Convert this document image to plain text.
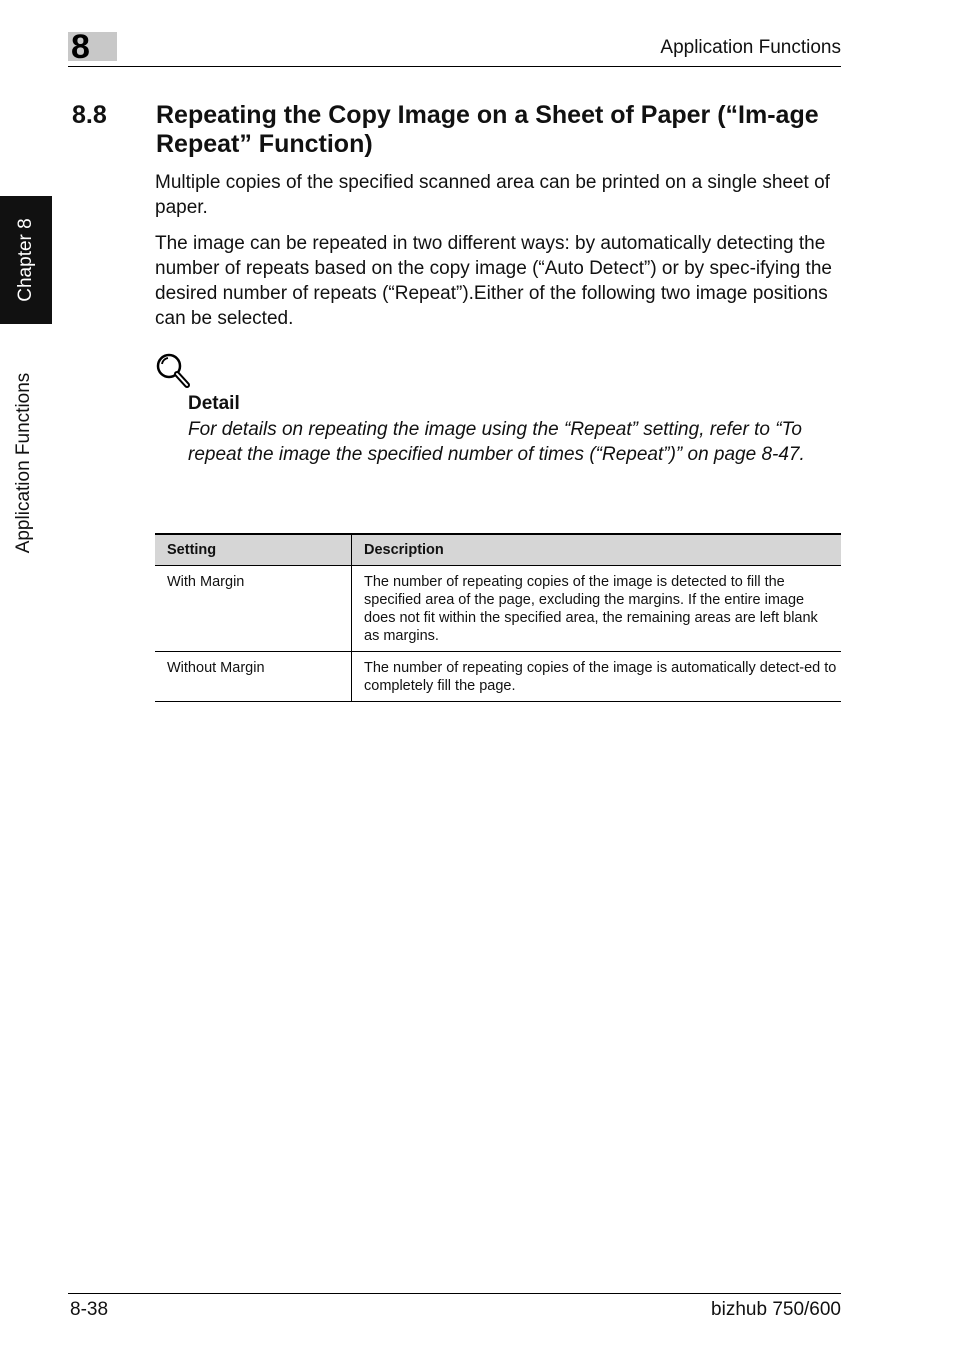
8	Application Functions
Chapter 8
Application Functions
8.8 Repeating the Copy Image on a Sheet of Paper (“Im-age Repeat” Function)
Multiple copies of the specified scanned area can be printed on a single sheet of paper.
The image can be repeated in two different ways: by automatically detecting the number of repeats based on the copy image (“Auto Detect”) or by spec-ifying the desired number of repeats (“Repeat”).Either of the following two image positions can be selected.
Detail
For details on repeating the image using the “Repeat” setting, refer to “To repeat the image the specified number of times (“Repeat”)” on page 8-47.
Setting	Description
With Margin	The number of repeating copies of the image is detected to fill the specified area of the page, excluding the margins. If the entire image does not fit within the specified area, the remaining areas are left blank as margins.
Without Margin	The number of repeating copies of the image is automatically detect-ed to completely fill the page.
8-38	bizhub 750/600
